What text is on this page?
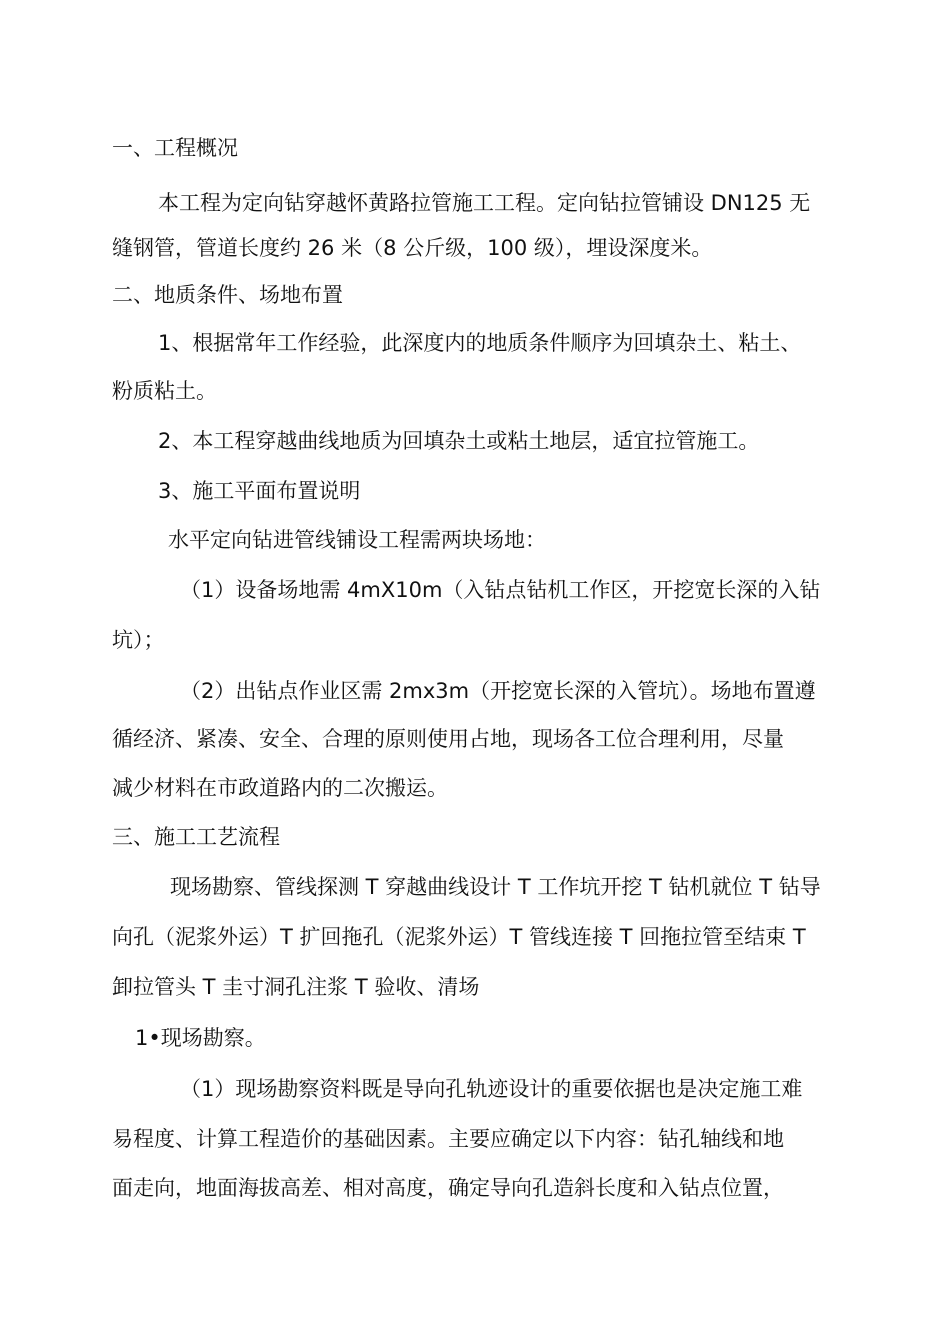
一、工程概况
本工程为定向钻穿越怀黄路拉管施工工程。定向钻拉管铺设 DN125 无
缝钢管，管道长度约 26 米（8 公斤级，100 级），埋设深度米。
二、地质条件、场地布置
1、根据常年工作经验，此深度内的地质条件顺序为回填杂土、粘土、
粉质粘土。
2、本工程穿越曲线地质为回填杂土或粘土地层，适宜拉管施工。
3、施工平面布置说明
水平定向钻进管线铺设工程需两块场地：
（1）设备场地需 4mX10m（入钻点钻机工作区，开挖宽长深的入钻
坑）；
（2）出钻点作业区需 2mx3m（开挖宽长深的入管坑）。场地布置遵
循经济、紧凑、安全、合理的原则使用占地，现场各工位合理利用，尽量
减少材料在市政道路内的二次搬运。
三、施工工艺流程
现场勘察、管线探测 T 穿越曲线设计 T 工作坑开挖 T 钻机就位 T 钻导
向孔（泥浆外运）T 扩回拖孔（泥浆外运）T 管线连接 T 回拖拉管至结束 T
卸拉管头 T 圭寸洞孔注浆 T 验收、清场
1•现场勘察。
（1）现场勘察资料既是导向孔轨迹设计的重要依据也是决定施工难
易程度、计算工程造价的基础因素。主要应确定以下内容：钻孔轴线和地
面走向，地面海拔高差、相对高度，确定导向孔造斜长度和入钻点位置，
